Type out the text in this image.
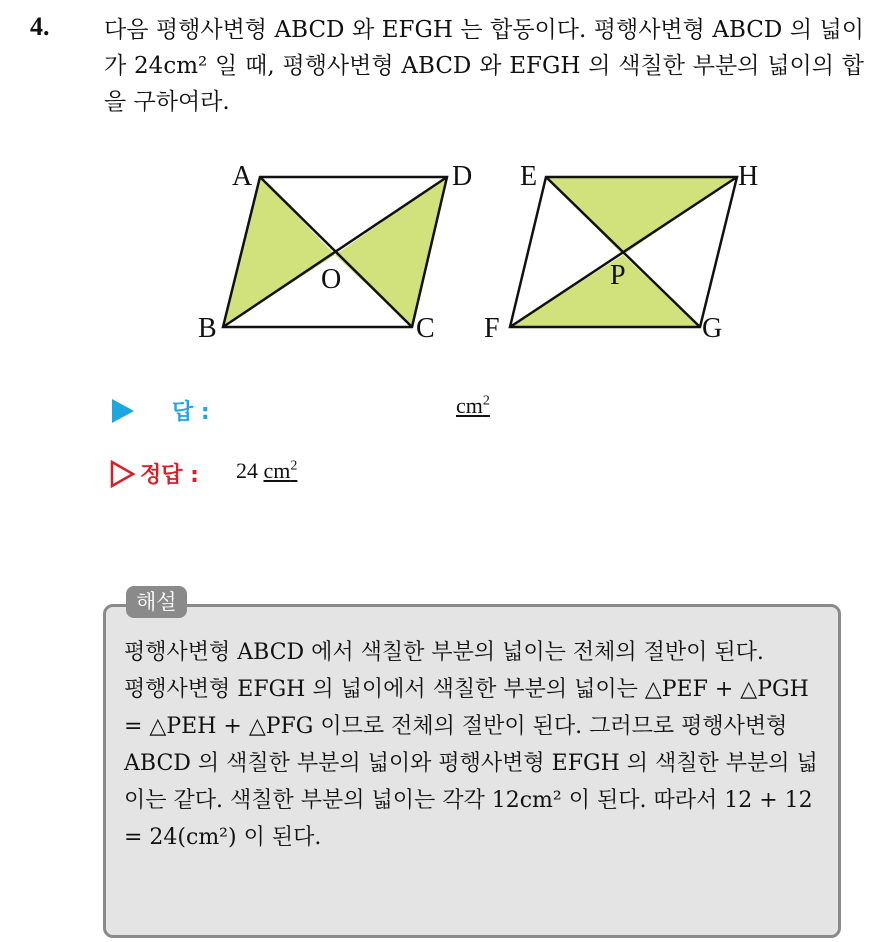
4. 다음 평행사변형 ABCD 와 EFGH 는 합동이다. 평행사변형 ABCD 의 넓이가 24cm² 일 때, 평행사변형 ABCD 와 EFGH 의 색칠한 부분의 넓이의 합을 구하여라.
A	D
B	C
O
E	H
F	G
P
답 :	$cm^2$
정답 : 24 $cm^2$
해설

평행사변형 ABCD 에서 색칠한 부분의 넓이는 전체의 절반이 된다.

평행사변형 EFGH 의 넓이에서 색칠한 부분의 넓이는 △PEF + △PGH = △PEH + △PFG 이므로 전체의 절반이 된다. 그러므로 평행사변형 ABCD 의 색칠한 부분의 넓이와 평행사변형 EFGH 의 색칠한 부분의 넓이는 같다. 색칠한 부분의 넓이는 각각 12cm² 이 된다. 따라서 12 + 12 = 24(cm²) 이 된다.
